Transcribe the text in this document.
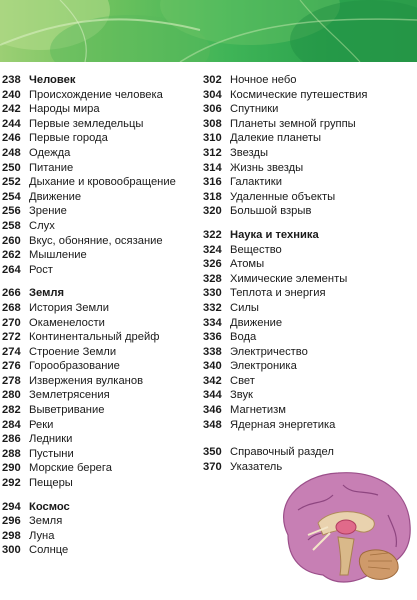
238 Человек
240 Происхождение человека
242 Народы мира
244 Первые земледельцы
246 Первые города
248 Одежда
250 Питание
252 Дыхание и кровообращение
254 Движение
256 Зрение
258 Слух
260 Вкус, обоняние, осязание
262 Мышление
264 Рост
266 Земля
268 История Земли
270 Окаменелости
272 Континентальный дрейф
274 Строение Земли
276 Горообразование
278 Извержения вулканов
280 Землетрясения
282 Выветривание
284 Реки
286 Ледники
288 Пустыни
290 Морские берега
292 Пещеры
294 Космос
296 Земля
298 Луна
300 Солнце
302 Ночное небо
304 Космические путешествия
306 Спутники
308 Планеты земной группы
310 Далекие планеты
312 Звезды
314 Жизнь звезды
316 Галактики
318 Удаленные объекты
320 Большой взрыв
322 Наука и техника
324 Вещество
326 Атомы
328 Химические элементы
330 Теплота и энергия
332 Силы
334 Движение
336 Вода
338 Электричество
340 Электроника
342 Свет
344 Звук
346 Магнетизм
348 Ядерная энергетика
350 Справочный раздел
370 Указатель
